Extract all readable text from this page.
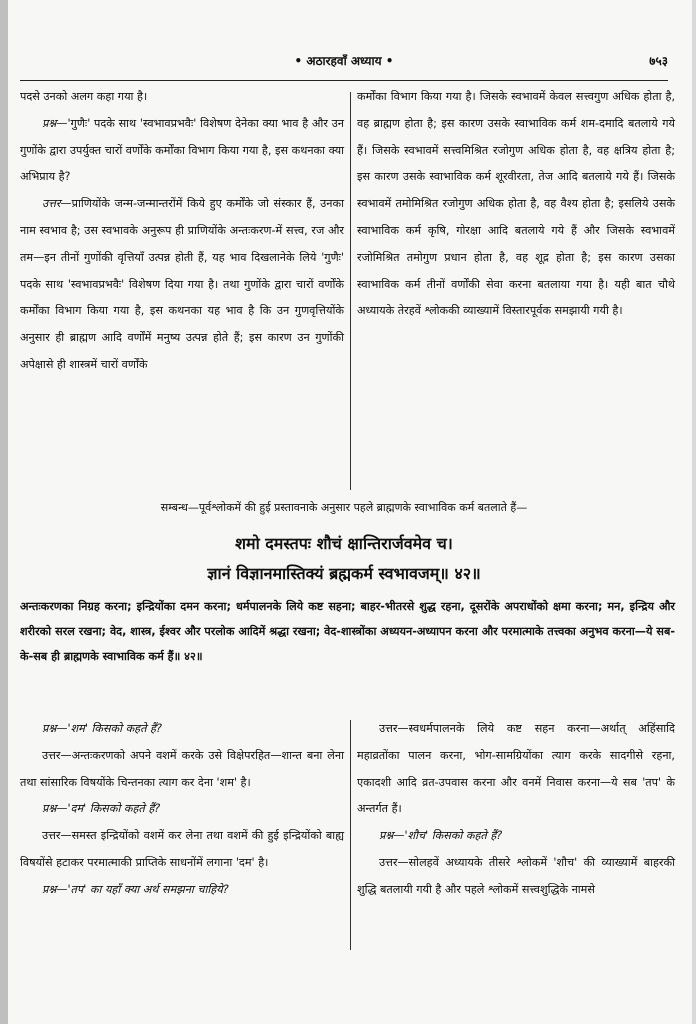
• अठारहवाँ अध्याय •	७५३

पदसे उनको अलग कहा गया है।

प्रश्न—'गुणैः' पदके साथ 'स्वभावप्रभवैः' विशेषण देनेका क्या भाव है और उन गुणोंके द्वारा उपर्युक्त चारों वर्णोंके कर्मोंका विभाग किया गया है, इस कथनका क्या अभिप्राय है?

उत्तर—प्राणियोंके जन्म-जन्मान्तरोंमें किये हुए कर्मोंके जो संस्कार हैं, उनका नाम स्वभाव है; उस स्वभावके अनुरूप ही प्राणियोंके अन्तःकरण-में सत्त्व, रज और तम—इन तीनों गुणोंकी वृत्तियाँ उत्पन्न होती हैं, यह भाव दिखलानेके लिये 'गुणैः' पदके साथ 'स्वभावप्रभवैः' विशेषण दिया गया है। तथा गुणोंके द्वारा चारों वर्णोंके कर्मोंका विभाग किया गया है, इस कथनका यह भाव है कि उन गुणवृत्तियोंके अनुसार ही ब्राह्मण आदि वर्णोंमें मनुष्य उत्पन्न होते हैं; इस कारण उन गुणोंकी अपेक्षासे ही शास्त्रमें चारों वर्णोंके

कर्मोंका विभाग किया गया है। जिसके स्वभावमें केवल सत्त्वगुण अधिक होता है, वह ब्राह्मण होता है; इस कारण उसके स्वाभाविक कर्म शम-दमादि बतलाये गये हैं। जिसके स्वभावमें सत्त्वमिश्रित रजोगुण अधिक होता है, वह क्षत्रिय होता है; इस कारण उसके स्वाभाविक कर्म शूरवीरता, तेज आदि बतलाये गये हैं। जिसके स्वभावमें तमोमिश्रित रजोगुण अधिक होता है, वह वैश्य होता है; इसलिये उसके स्वाभाविक कर्म कृषि, गोरक्षा आदि बतलाये गये हैं और जिसके स्वभावमें रजोमिश्रित तमोगुण प्रधान होता है, वह शूद्र होता है; इस कारण उसका स्वाभाविक कर्म तीनों वर्णोंकी सेवा करना बतलाया गया है। यही बात चौथे अध्यायके तेरहवें श्लोककी व्याख्यामें विस्तारपूर्वक समझायी गयी है।

सम्बन्ध—पूर्वश्लोकमें की हुई प्रस्तावनाके अनुसार पहले ब्राह्मणके स्वाभाविक कर्म बतलाते हैं—
शमो दमस्तपः शौचं क्षान्तिरार्जवमेव च।
ज्ञानं विज्ञानमास्तिक्यं ब्रह्मकर्म स्वभावजम्॥ ४२॥
अन्तःकरणका निग्रह करना; इन्द्रियोंका दमन करना; धर्मपालनके लिये कष्ट सहना; बाहर-भीतरसे शुद्ध रहना, दूसरोंके अपराधोंको क्षमा करना; मन, इन्द्रिय और शरीरको सरल रखना; वेद, शास्त्र, ईश्वर और परलोक आदिमें श्रद्धा रखना; वेद-शास्त्रोंका अध्ययन-अध्यापन करना और परमात्माके तत्त्वका अनुभव करना—ये सब-के-सब ही ब्राह्मणके स्वाभाविक कर्म हैं॥ ४२॥

प्रश्न—'शम' किसको कहते हैं?

उत्तर—अन्तःकरणको अपने वशमें करके उसे विक्षेपरहित—शान्त बना लेना तथा सांसारिक विषयोंके चिन्तनका त्याग कर देना 'शम' है।

प्रश्न—'दम' किसको कहते हैं?

उत्तर—समस्त इन्द्रियोंको वशमें कर लेना तथा वशमें की हुई इन्द्रियोंको बाह्य विषयोंसे हटाकर परमात्माकी प्राप्तिके साधनोंमें लगाना 'दम' है।

प्रश्न—'तप' का यहाँ क्या अर्थ समझना चाहिये?

उत्तर—स्वधर्मपालनके लिये कष्ट सहन करना—अर्थात् अहिंसादि महाव्रतोंका पालन करना, भोग-सामग्रियोंका त्याग करके सादगीसे रहना, एकादशी आदि व्रत-उपवास करना और वनमें निवास करना—ये सब 'तप' के अन्तर्गत हैं।

प्रश्न—'शौच' किसको कहते हैं?

उत्तर—सोलहवें अध्यायके तीसरे श्लोकमें 'शौच' की व्याख्यामें बाहरकी शुद्धि बतलायी गयी है और पहले श्लोकमें सत्त्वशुद्धिके नामसे
